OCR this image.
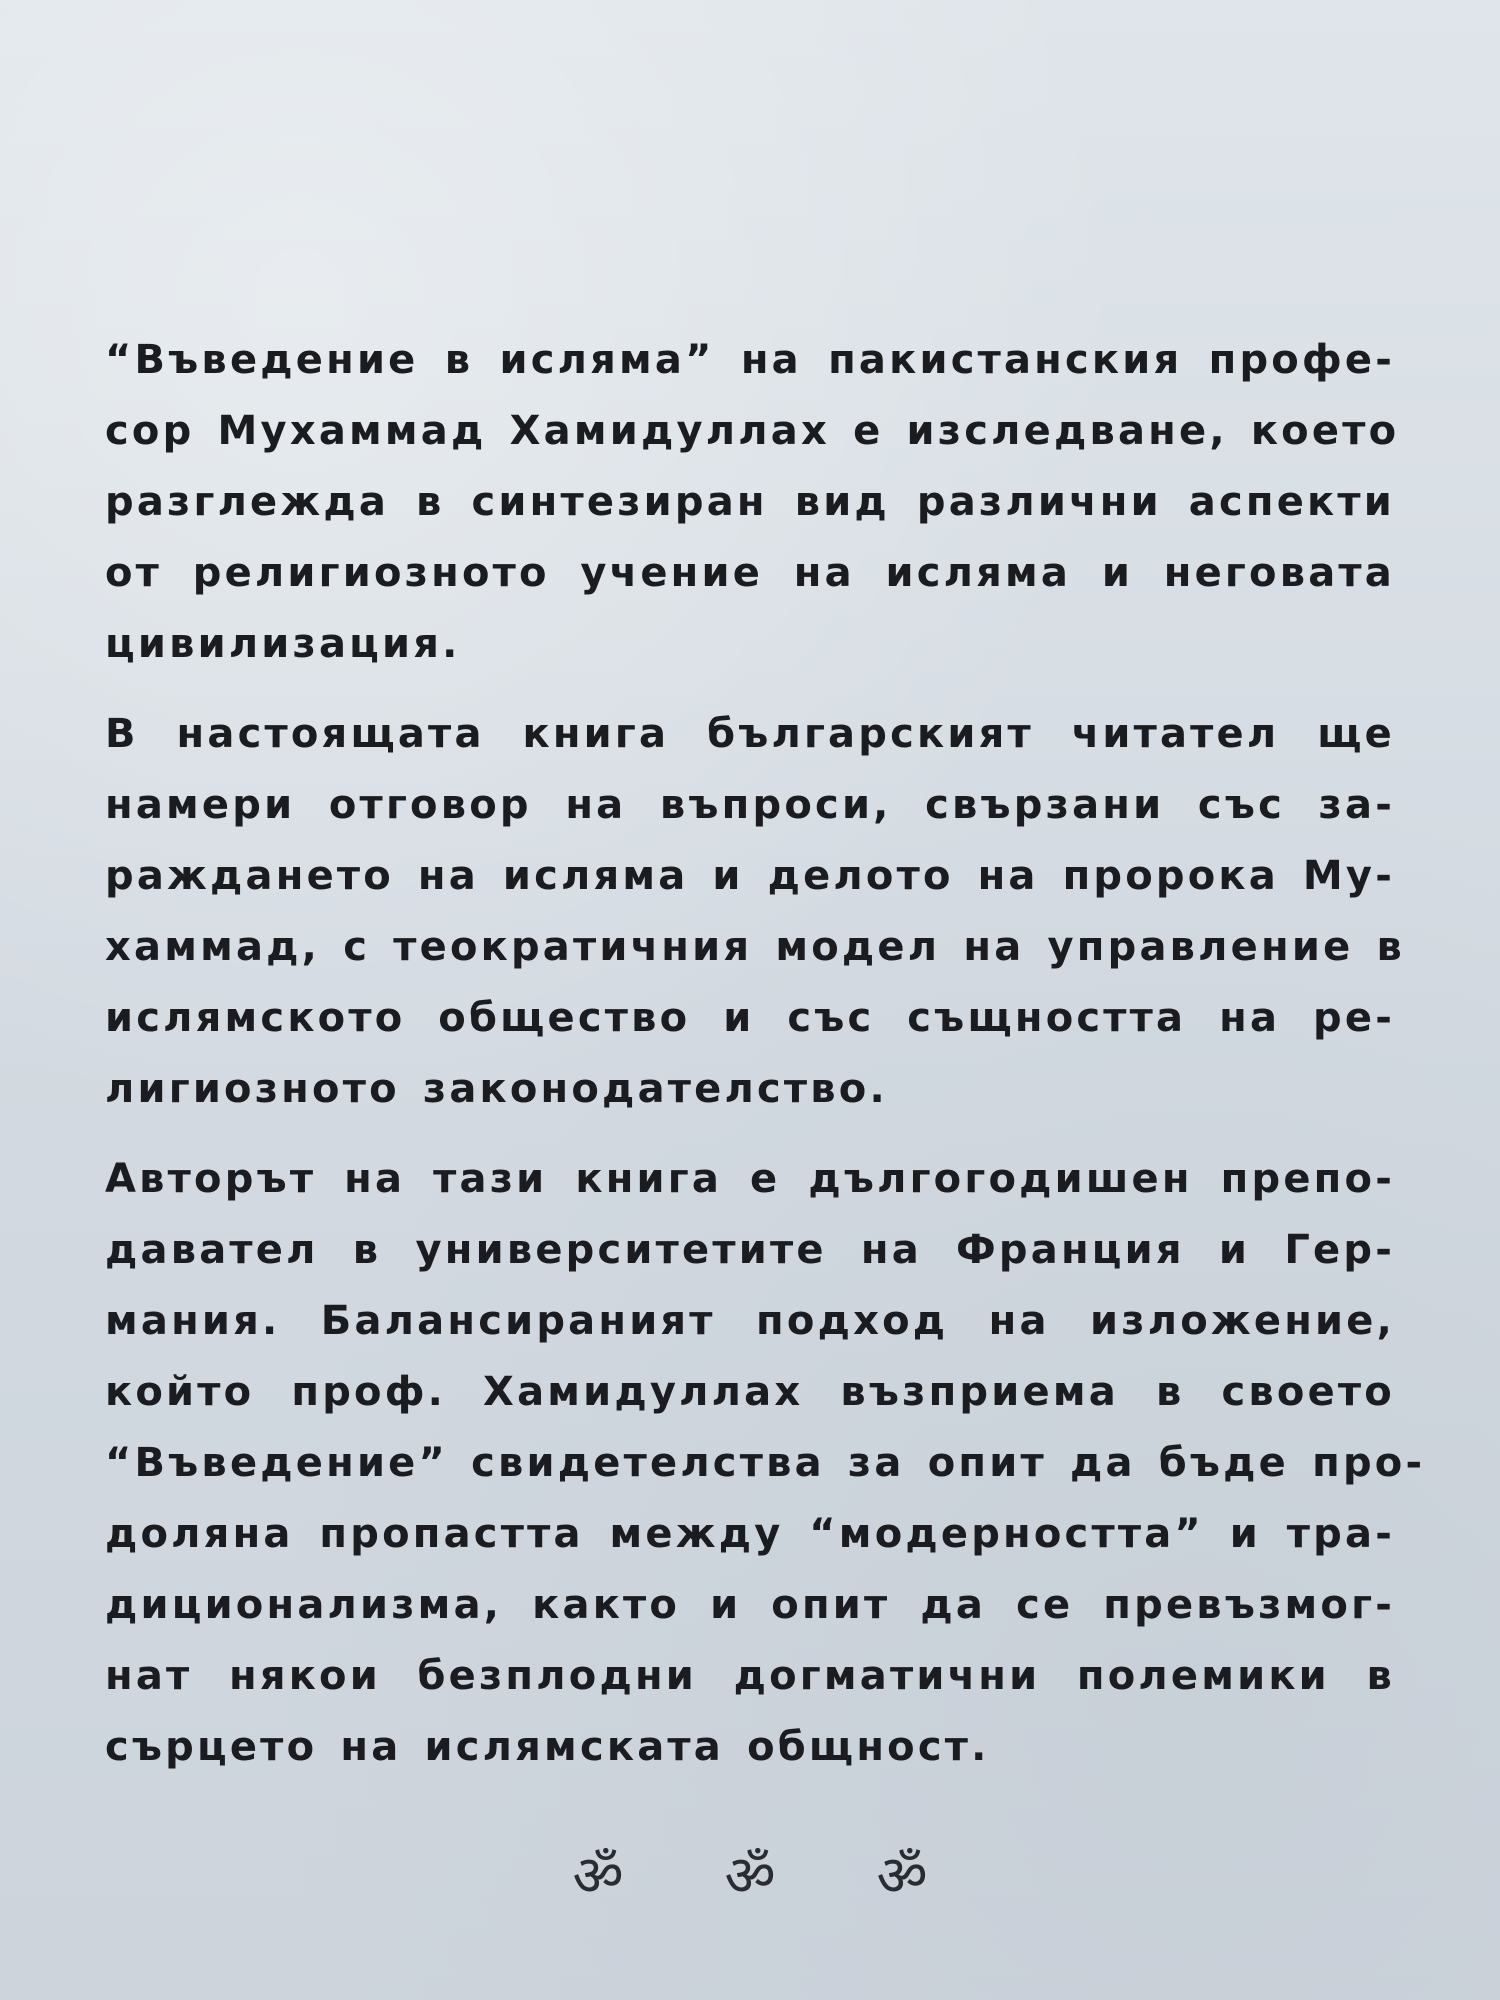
“Въведение в исляма” на пакистанския профе-
сор Мухаммад Хамидуллах е изследване, което
разглежда в синтезиран вид различни аспекти
от религиозното учение на исляма и неговата
цивилизация.

В настоящата книга българският читател ще
намери отговор на въпроси, свързани със за-
раждането на исляма и делото на пророка Му-
хаммад, с теократичния модел на управление в
ислямското общество и със същността на ре-
лигиозното законодателство.

Авторът на тази книга е дългогодишен препо-
давател в университетите на Франция и Гер-
мания. Балансираният подход на изложение,
който проф. Хамидуллах възприема в своето
“Въведение” свидетелства за опит да бъде про-
доляна пропастта между “модерността” и тра-
диционализма, както и опит да се превъзмог-
нат някои безплодни догматични полемики в
сърцето на ислямската общност.

ॐ ॐ ॐ
